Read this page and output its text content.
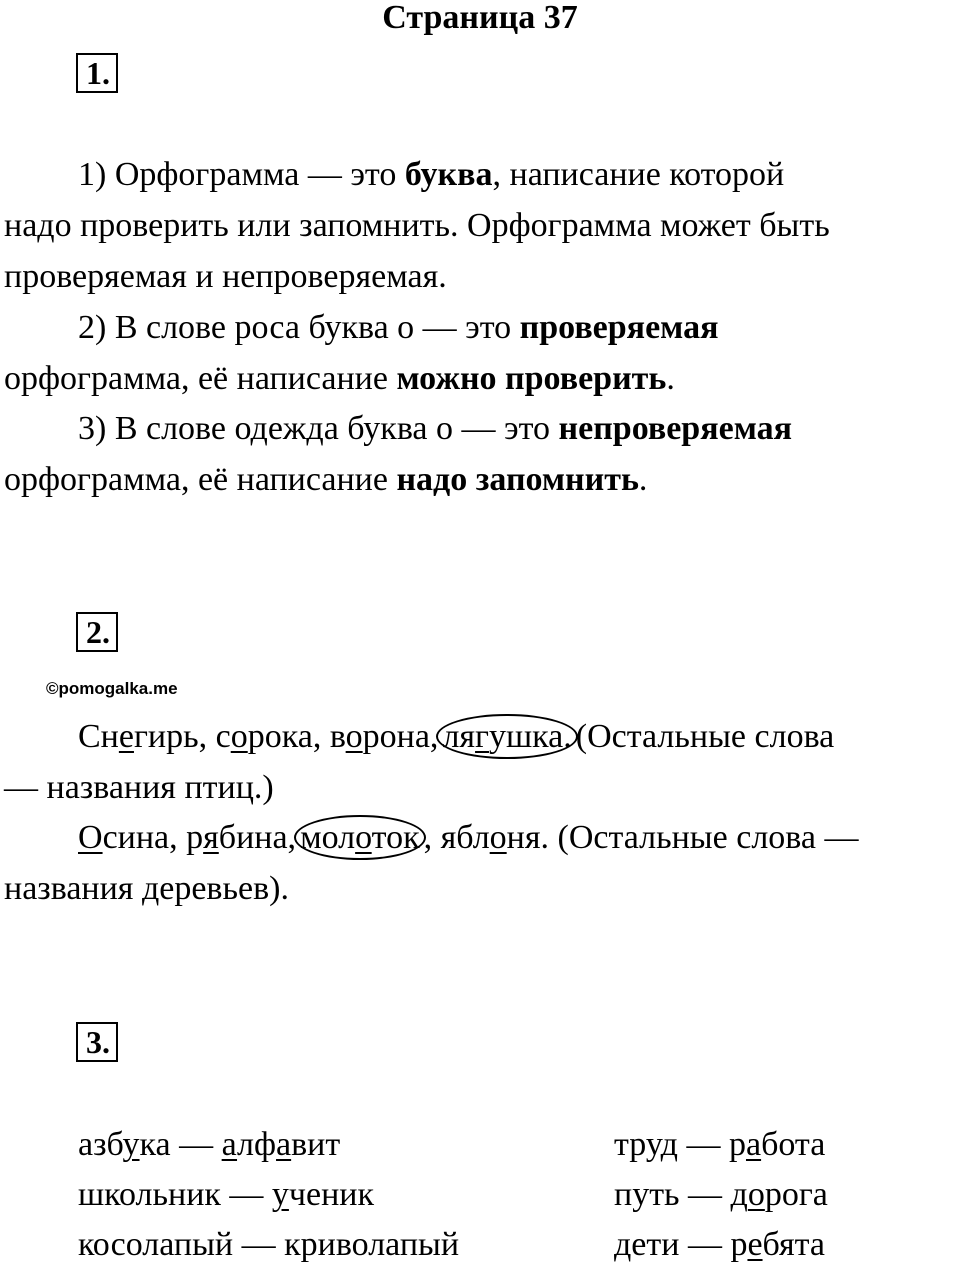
Страница 37
1.
1) Орфограмма — это буква, написание которой
надо проверить или запомнить. Орфограмма может быть
проверяемая и непроверяемая.
2) В слове роса буква о — это проверяемая
орфограмма, её написание можно проверить.
3) В слове одежда буква о — это непроверяемая
орфограмма, её написание надо запомнить.
2.
©pomogalka.me
Снегирь, сорока, ворона, лягушка. (Остальные слова
— названия птиц.)
Осина, рябина, молоток , яблоня. (Остальные слова —
названия деревьев).
3.
азбука — алфавит
школьник — ученик
косолапый — криволапый
труд — работа
путь — дорога
дети — ребята
